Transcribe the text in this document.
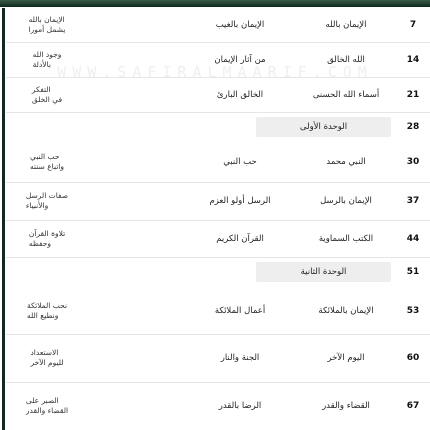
WWW.SAFIRALMAARIF.COM
الإيمان بالله
يشمل أمورا	الإيمان بالغيب	الإيمان بالله	7
وجود الله
بالأدلة	من آثار الإيمان	الله الخالق	14
التفكر
في الخلق	الخالق البارئ	أسماء الله الحسنى	21
الوحدة الأولى	28
حب النبي
واتباع سنته	حب النبي	النبي محمد	30
صفات الرسل
والأنبياء	الرسل أولو العزم	الإيمان بالرسل	37
تلاوة القرآن
وحفظه	القرآن الكريم	الكتب السماوية	44
الوحدة الثانية	51
نحب الملائكة
ونطيع الله	أعمال الملائكة	الإيمان بالملائكة	53
الاستعداد
لليوم الآخر	الجنة والنار	اليوم الآخر	60
الصبر على
القضاء والقدر	الرضا بالقدر	القضاء والقدر	67
